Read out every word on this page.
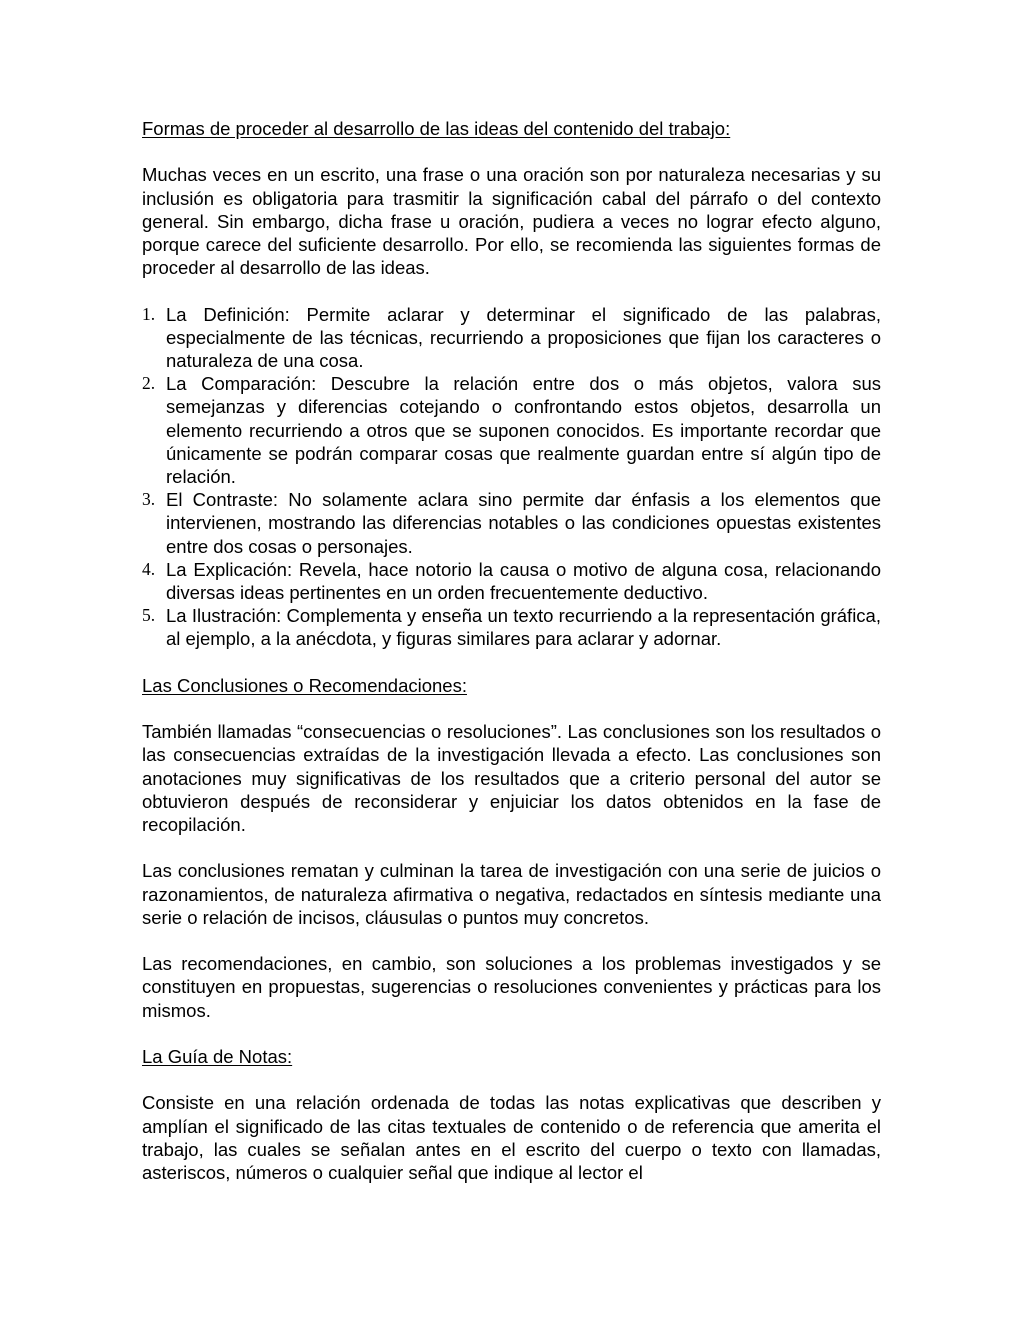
Formas de proceder al desarrollo de las ideas del contenido del trabajo:

Muchas veces en un escrito, una frase o una oración son por naturaleza necesarias y su inclusión es obligatoria para trasmitir la significación cabal del párrafo o del contexto general. Sin embargo, dicha frase u oración, pudiera a veces no lograr efecto alguno, porque carece del suficiente desarrollo. Por ello, se recomienda las siguientes formas de proceder al desarrollo de las ideas.

1. La Definición: Permite aclarar y determinar el significado de las palabras, especialmente de las técnicas, recurriendo a proposiciones que fijan los caracteres o naturaleza de una cosa.
2. La Comparación: Descubre la relación entre dos o más objetos, valora sus semejanzas y diferencias cotejando o confrontando estos objetos, desarrolla un elemento recurriendo a otros que se suponen conocidos. Es importante recordar que únicamente se podrán comparar cosas que realmente guardan entre sí algún tipo de relación.
3. El Contraste: No solamente aclara sino permite dar énfasis a los elementos que intervienen, mostrando las diferencias notables o las condiciones opuestas existentes entre dos cosas o personajes.
4. La Explicación: Revela, hace notorio la causa o motivo de alguna cosa, relacionando diversas ideas pertinentes en un orden frecuentemente deductivo.
5. La Ilustración: Complementa y enseña un texto recurriendo a la representación gráfica, al ejemplo, a la anécdota, y figuras similares para aclarar y adornar.

Las Conclusiones o Recomendaciones:

También llamadas “consecuencias o resoluciones”. Las conclusiones son los resultados o las consecuencias extraídas de la investigación llevada a efecto. Las conclusiones son anotaciones muy significativas de los resultados que a criterio personal del autor se obtuvieron después de reconsiderar y enjuiciar los datos obtenidos en la fase de recopilación.

Las conclusiones rematan y culminan la tarea de investigación con una serie de juicios o razonamientos, de naturaleza afirmativa o negativa, redactados en síntesis mediante una serie o relación de incisos, cláusulas o puntos muy concretos.

Las recomendaciones, en cambio, son soluciones a los problemas investigados y se constituyen en propuestas, sugerencias o resoluciones convenientes y prácticas para los mismos.

La Guía de Notas:

Consiste en una relación ordenada de todas las notas explicativas que describen y amplían el significado de las citas textuales de contenido o de referencia que amerita el trabajo, las cuales se señalan antes en el escrito del cuerpo o texto con llamadas, asteriscos, números o cualquier señal que indique al lector el
